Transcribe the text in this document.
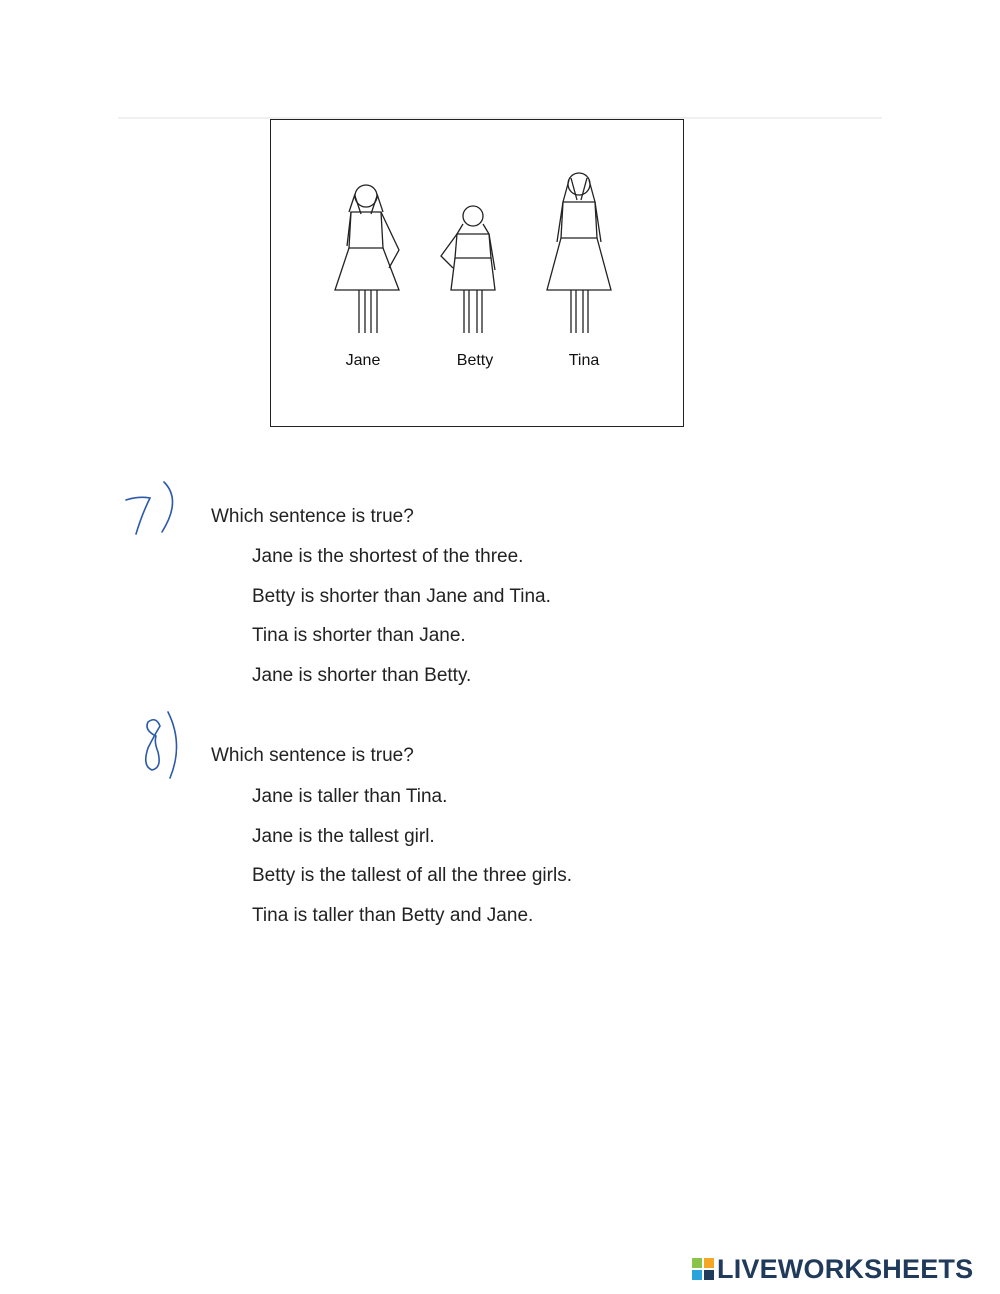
Jane	Betty	Tina
Which sentence is true?
Jane is the shortest of the three.
Betty is shorter than Jane and Tina.
Tina is shorter than Jane.
Jane is shorter than Betty.
Which sentence is true?
Jane is taller than Tina.
Jane is the tallest girl.
Betty is the tallest of all the three girls.
Tina is taller than Betty and Jane.
LIVEWORKSHEETS
